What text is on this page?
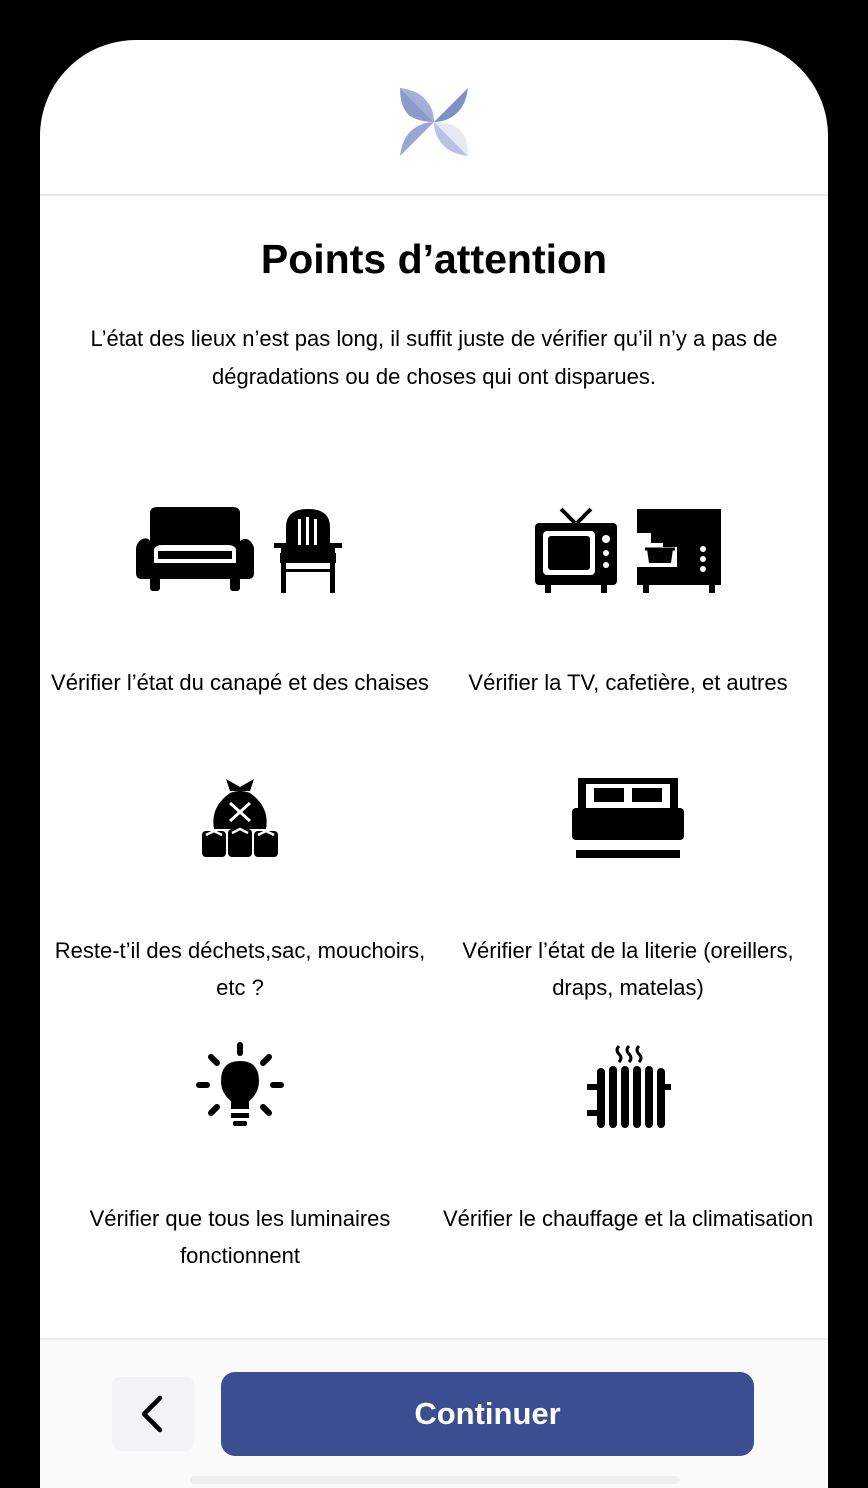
Points d’attention
L’état des lieux n’est pas long, il suffit juste de vérifier qu’il n’y a pas de dégradations ou de choses qui ont disparues.
Vérifier l’état du canapé et des chaises	Vérifier la TV, cafetière, et autres
Reste-t’il des déchets,sac, mouchoirs, etc ?
Vérifier l’état de la literie (oreillers, draps, matelas)
Vérifier que tous les luminaires fonctionnent
Vérifier le chauffage et la climatisation
Continuer
